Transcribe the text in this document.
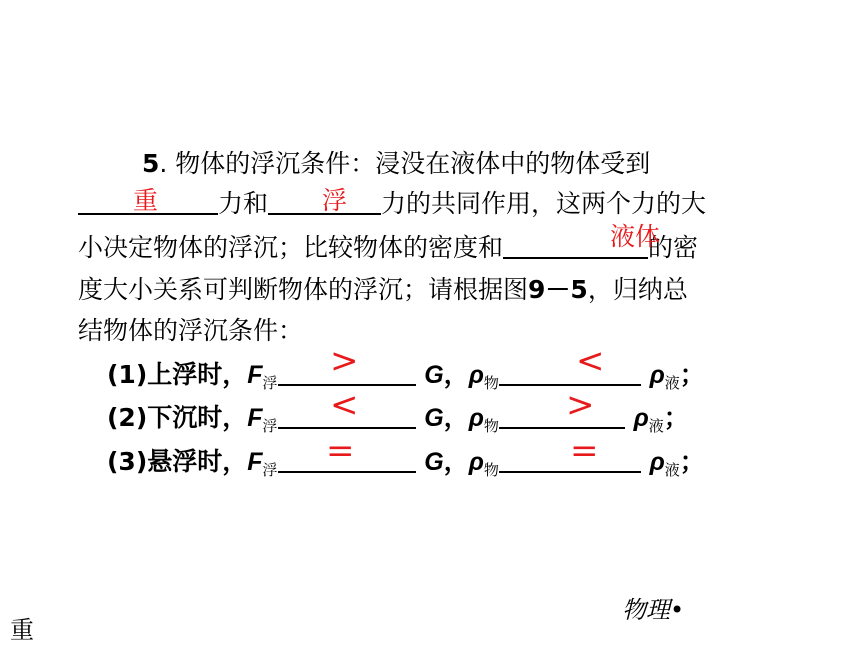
5. 物体的浮沉条件：浸没在液体中的物体受到
力和	力的共同作用，这两个力的大
重	浮
小决定物体的浮沉；比较物体的密度和	的密
液体
度大小关系可判断物体的浮沉；请根据图9－5，归纳总
结物体的浮沉条件：
(1)上浮时，$F_浮$	G，$\rho_物$	$\rho_液$；
>	<
(2)下沉时，$F_浮$	G，$\rho_物$	$\rho_液$；
<	>
(3)悬浮时，$F_浮$	G，$\rho_物$	$\rho_液$；
=	=
物理•
重
